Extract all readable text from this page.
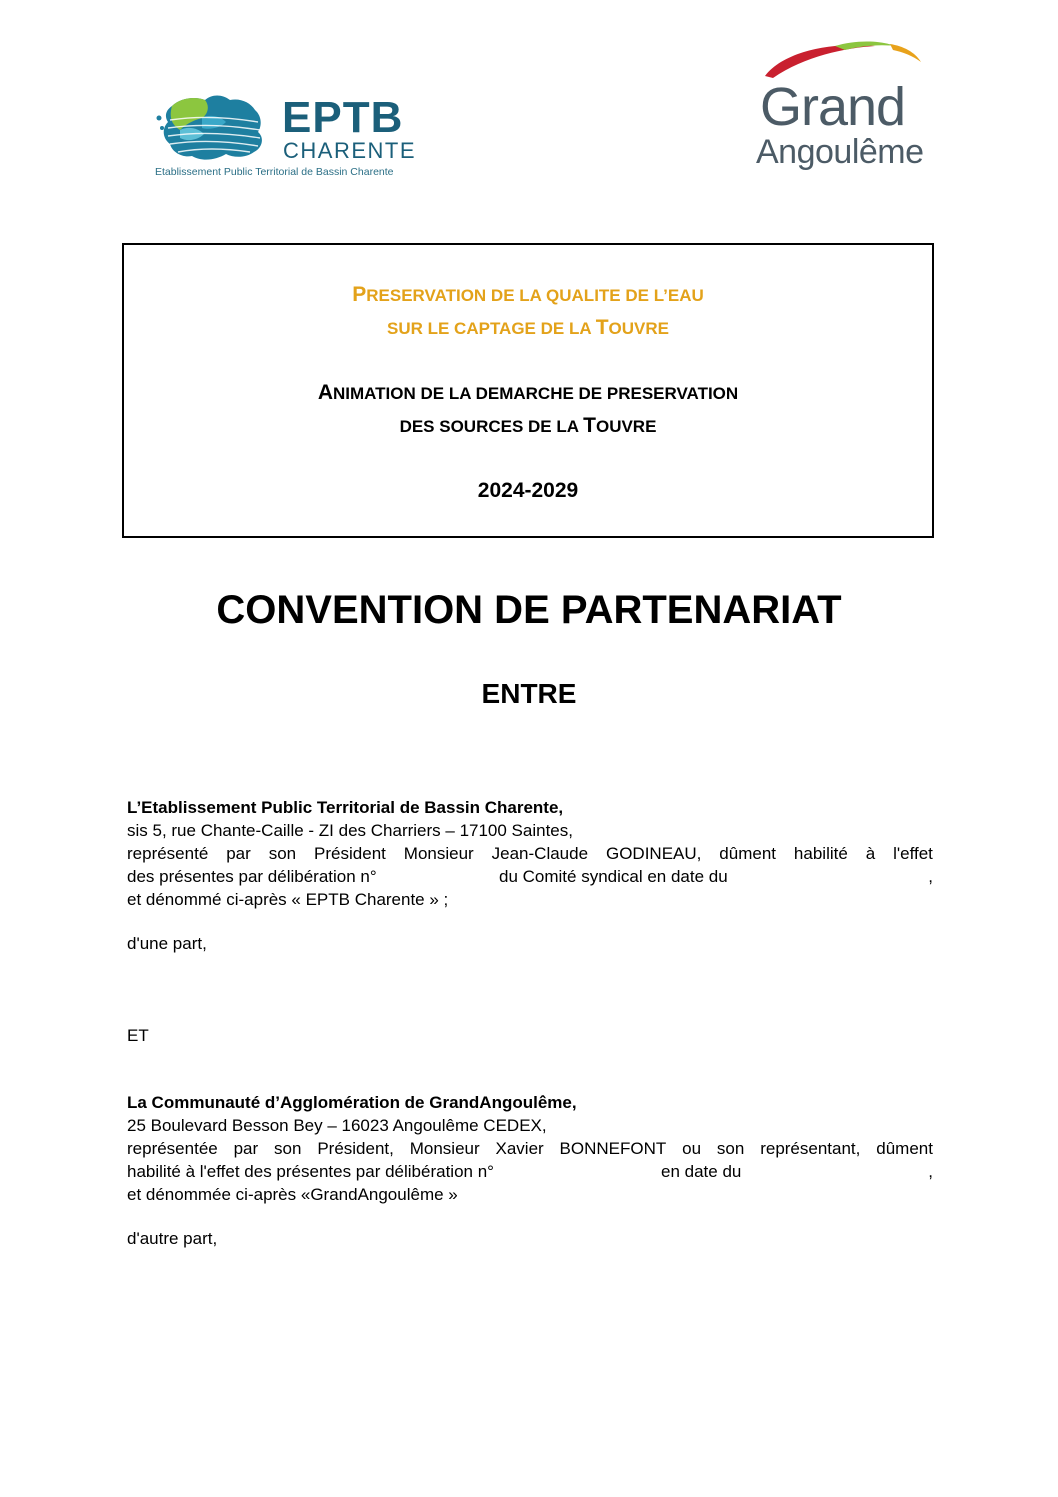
EPTB
CHARENTE
Etablissement Public Territorial de Bassin Charente
Grand
Angoulême
PRESERVATION DE LA QUALITE DE L’EAU
SUR LE CAPTAGE DE LA TOUVRE
ANIMATION DE LA DEMARCHE DE PRESERVATION
DES SOURCES DE LA TOUVRE
2024-2029
CONVENTION DE PARTENARIAT
ENTRE
L’Etablissement Public Territorial de Bassin Charente,
sis 5, rue Chante-Caille - ZI des Charriers – 17100 Saintes,
représenté par son Président Monsieur Jean-Claude GODINEAU, dûment habilité à l'effet
des présentes par délibération n°	du Comité syndical en date du	,
et dénommé ci-après « EPTB Charente » ;
d'une part,
ET
La Communauté d’Agglomération de GrandAngoulême,
25 Boulevard Besson Bey – 16023 Angoulême CEDEX,
représentée par son Président, Monsieur Xavier BONNEFONT ou son représentant, dûment
habilité à l'effet des présentes par délibération n°	en date du	,
et dénommée ci-après «GrandAngoulême »
d'autre part,
